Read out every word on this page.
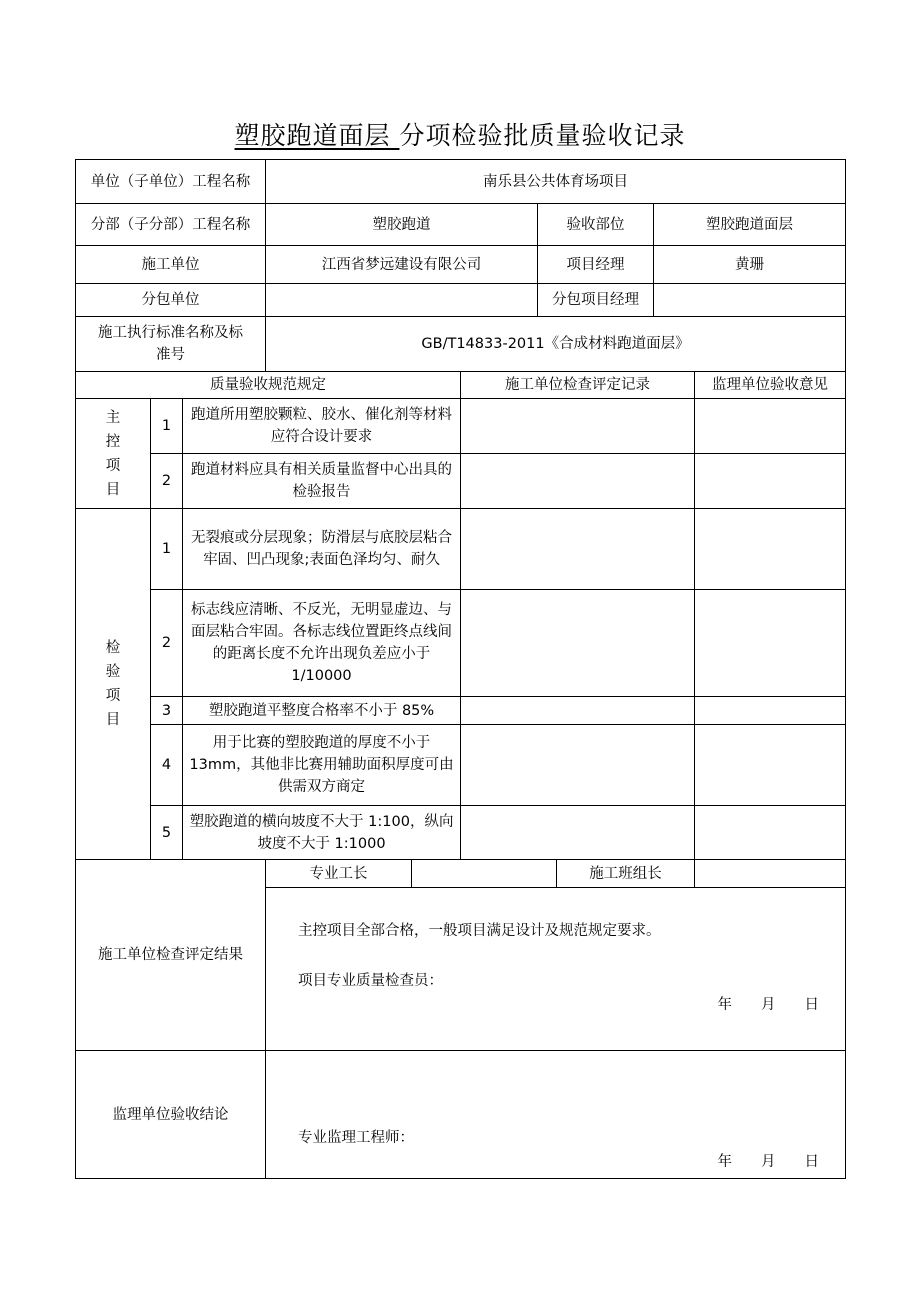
塑胶跑道面层 分项检验批质量验收记录
单位（子单位）工程名称	南乐县公共体育场项目		
分部（子分部）工程名称	塑胶跑道	验收部位	塑胶跑道面层
施工单位	江西省梦远建设有限公司	项目经理	黄珊
分包单位		分包项目经理	
施工执行标准名称及标
准号	GB/T14833-2011《合成材料跑道面层》		
质量验收规范规定			施工单位检查评定记录	监理单位验收意见
主
控
项
目	1	跑道所用塑胶颗粒、胶水、催化剂等材料应符合设计要求		
	2	跑道材料应具有相关质量监督中心出具的检验报告		
检
验
项
目	1	无裂痕或分层现象；防滑层与底胶层粘合牢固、凹凸现象;表面色泽均匀、耐久		
	2	标志线应清晰、不反光，无明显虚边、与面层粘合牢固。各标志线位置距终点线间的距离长度不允许出现负差应小于 1/10000		
	3	塑胶跑道平整度合格率不小于 85%		
	4	用于比赛的塑胶跑道的厚度不小于13mm，其他非比赛用辅助面积厚度可由供需双方商定		
	5	塑胶跑道的横向坡度不大于 1:100，纵向坡度不大于 1:1000		
施工单位检查评定结果	专业工长		施工班组长	

	主控项目全部合格，一般项目满足设计及规范规定要求。
项目专业质量检查员：
年　　月　　日			

监理单位验收结论	专业监理工程师：
年　　月　　日			
